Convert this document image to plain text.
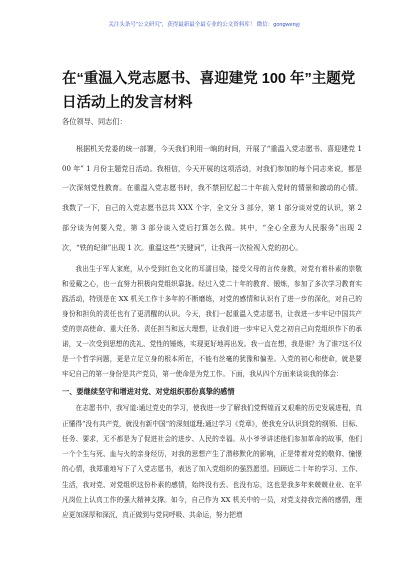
关注头条号"公文研究"，获得最新最全最专业的公文资料库！ 微信：gongwenyj
在“重温入党志愿书、喜迎建党 100 年”主题党日活动上的发言材料
各位领导、同志们：

根据机关党委的统一部署，今天我们利用一晌的时间，开展了“重温入党志愿书、喜迎建党 100 年” 1 月份主题党日活动。我相信，今天开展的这项活动，对我们参加的每个同志来说，都是一次深刻党性教育。在重温入党志愿书时，我不禁回忆起二十年前入党时的情景和激动的心情。我数了一下，自己的入党志愿书总共 XXX 个字，全文分 3 部分，第 1 部分谈对党的认识，第 2 部分谈为何要入党，第 3 部分谈入党后打算怎么做。其中，“全心全意为人民服务”出现 2 次，“铁的纪律”出现 1 次。重温这些“关键词”，让我再一次检视入党的初心。

我出生于军人家庭，从小受到红色文化的耳濡目染，接受父母的言传身教，对党有着朴素的崇敬和爱戴之心，也一直努力积极向党组织靠拢。经过入党二十年的教育、锻炼，参加了多次学习教育实践活动，特别是在 XX 机关工作十多年的不断磨练，对党的感情和认识有了进一步的深化，对自己的身份和担负的责任也有了更清醒的认识。今天，我们一起重温入党志愿书，让我进一步牢记中国共产党的崇高使命、重大任务、责任担当和远大理想，让我们进一步牢记入党之初自己向党组织作下的承诺，又一次受到思想的洗礼、党性的锤炼，实现更好地再出发。我一直在想，我是谁？为了谁?这不仅是一个哲学问题，更是立足立身的根本所在，不能有丝毫的犹豫和偏差。入党的初心和使命，就是要牢记自己的第一身份是共产党员，第一使命是为党工作。下面，我从四个方面来谈谈我的体会：

一、要继续坚守和增进对党、对党组织那份真挚的感情

在志愿书中，我写道:通过党史的学习，使我进一步了解我们党辉煌而又艰难的历史发展进程，真正懂得“没有共产党，就没有新中国”的深刻道理;通过学习《党章》，使我充分认识到党的纲领、目标、任务、要求，无不都是为了促进社会的进步、人民的幸福。从小爷爷讲述他们参加革命的故事，他们一个个生与死、血与火的亲身经历，对我的思想产生了潜移默化的影响，正是带着对党的敬仰、憧憬的心情，我郑重地写下了入党志愿书，表达了加入党组织的强烈愿望。回顾近二十年的学习、工作、生活，我对党、对党组织这份朴素的感情，始终没有丢、也没有忘，这也是我多年来兢兢业业、在平凡岗位上认真工作的强大精神支撑。如今，自己作为 XX 机关中的一员，对党支持我完善的感情，理应更加深厚和深沉，真正做到与党同呼吸、共命运，努力把增
